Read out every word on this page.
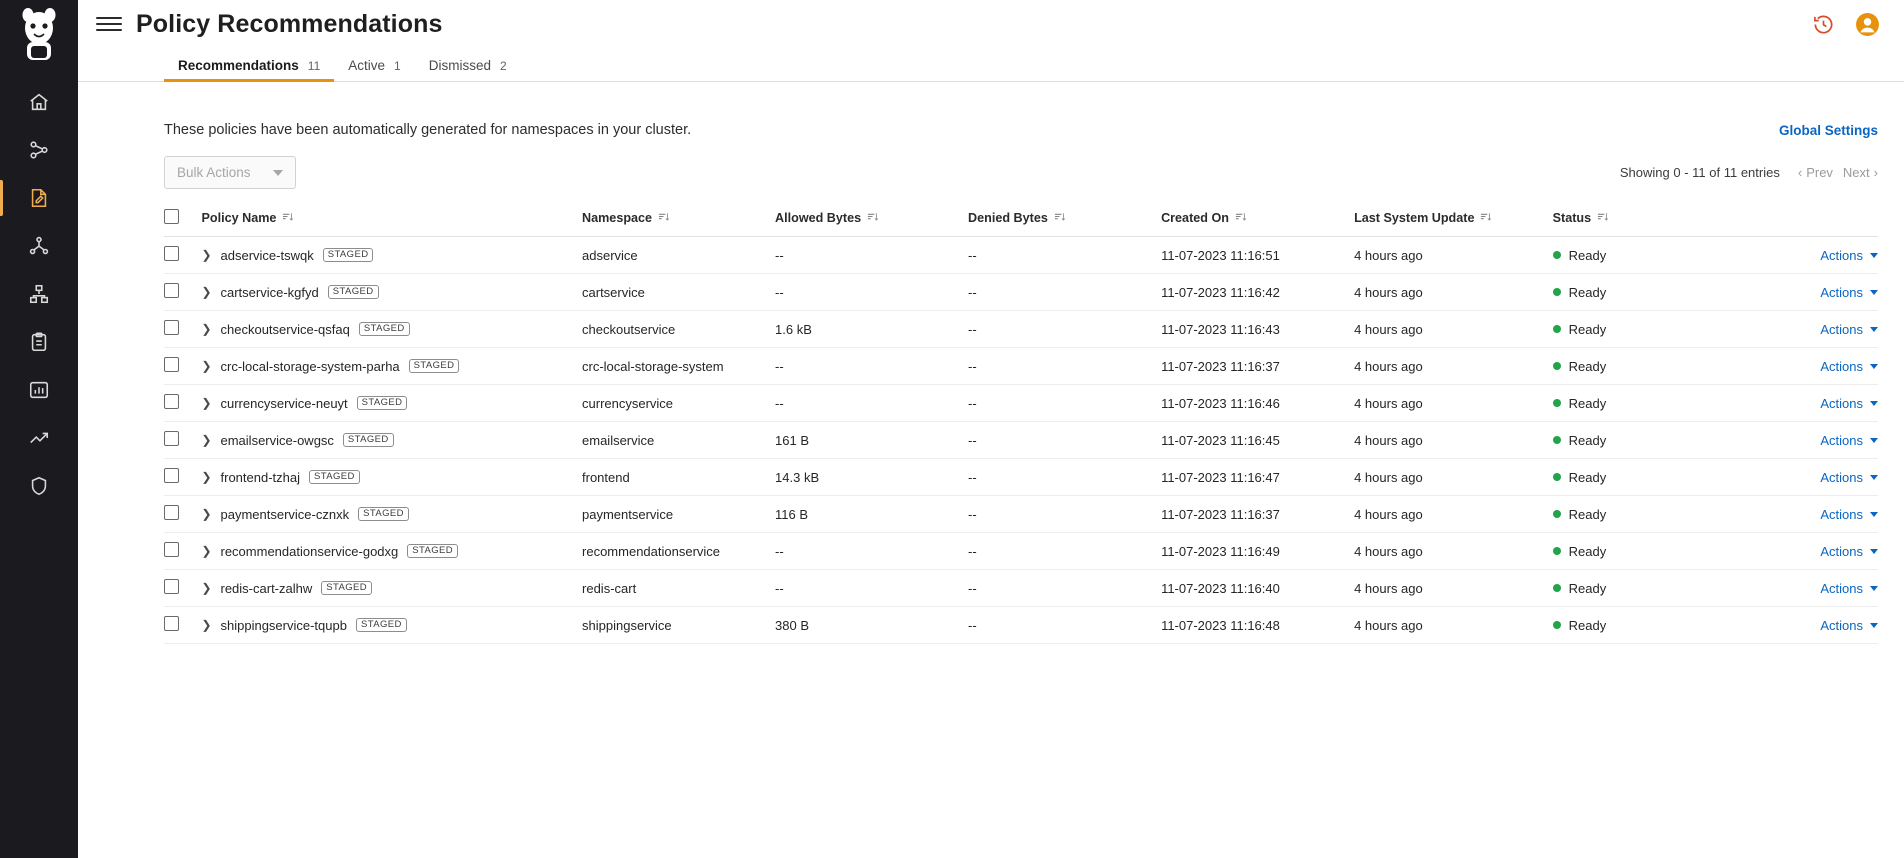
Policy Recommendations
Recommendations 11 Active 1 Dismissed 2
These policies have been automatically generated for namespaces in your cluster.	Global Settings
Bulk Actions	Showing 0 - 11 of 11 entries ‹ Prev Next ›

	Policy Name	Namespace	Allowed Bytes	Denied Bytes	Created On	Last System Update	Status	

	❯ adservice-tswqk STAGED	adservice	--	--	11-07-2023 11:16:51	4 hours ago	Ready	Actions

	❯ cartservice-kgfyd STAGED	cartservice	--	--	11-07-2023 11:16:42	4 hours ago	Ready	Actions

	❯ checkoutservice-qsfaq STAGED	checkoutservice	1.6 kB	--	11-07-2023 11:16:43	4 hours ago	Ready	Actions

	❯ crc-local-storage-system-parha STAGED	crc-local-storage-system	--	--	11-07-2023 11:16:37	4 hours ago	Ready	Actions

	❯ currencyservice-neuyt STAGED	currencyservice	--	--	11-07-2023 11:16:46	4 hours ago	Ready	Actions

	❯ emailservice-owgsc STAGED	emailservice	161 B	--	11-07-2023 11:16:45	4 hours ago	Ready	Actions

	❯ frontend-tzhaj STAGED	frontend	14.3 kB	--	11-07-2023 11:16:47	4 hours ago	Ready	Actions

	❯ paymentservice-cznxk STAGED	paymentservice	116 B	--	11-07-2023 11:16:37	4 hours ago	Ready	Actions

	❯ recommendationservice-godxg STAGED	recommendationservice	--	--	11-07-2023 11:16:49	4 hours ago	Ready	Actions

	❯ redis-cart-zalhw STAGED	redis-cart	--	--	11-07-2023 11:16:40	4 hours ago	Ready	Actions

	❯ shippingservice-tqupb STAGED	shippingservice	380 B	--	11-07-2023 11:16:48	4 hours ago	Ready	Actions
